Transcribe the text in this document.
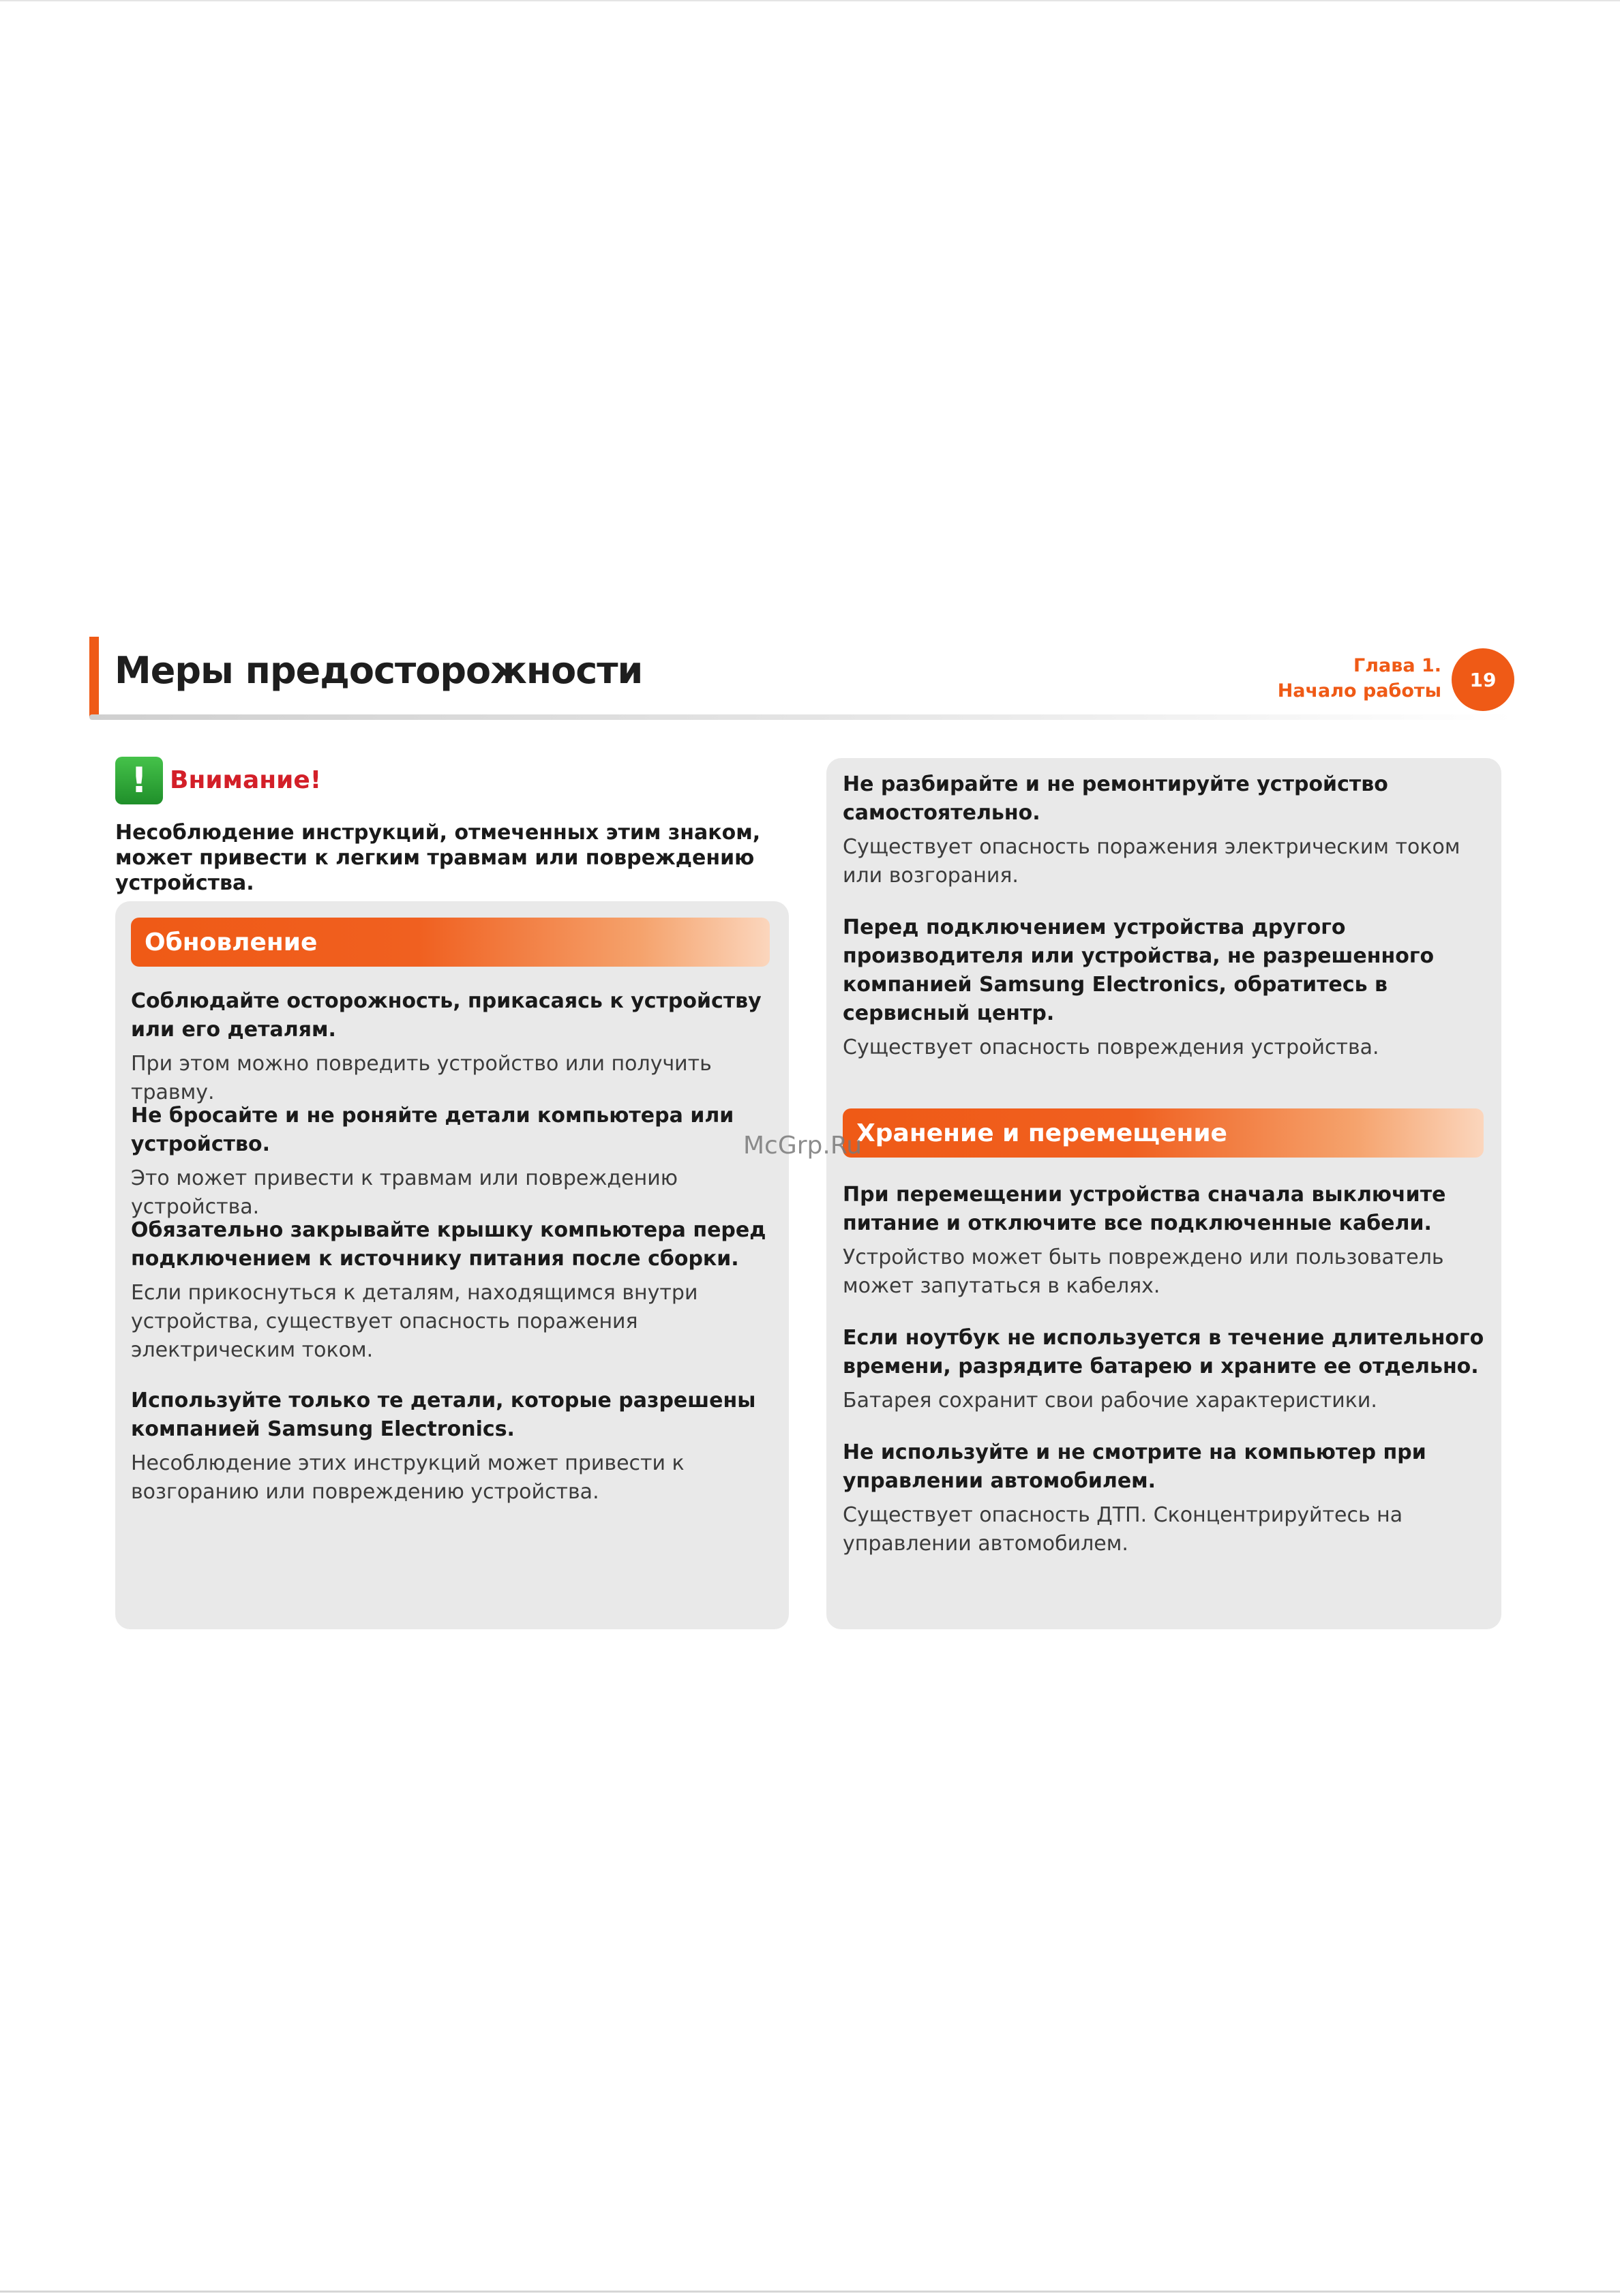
Меры предосторожности	Глава 1.
Начало работы	19
! Внимание!

Несоблюдение инструкций, отмеченных этим знаком, может привести к легким травмам или повреждению устройства.

Обновление

Соблюдайте осторожность, прикасаясь к устройству или его деталям.

При этом можно повредить устройство или получить травму.

Не бросайте и не роняйте детали компьютера или устройство.

Это может привести к травмам или повреждению устройства.

Обязательно закрывайте крышку компьютера перед подключением к источнику питания после сборки.

Если прикоснуться к деталям, находящимся внутри устройства, существует опасность поражения электрическим током.

Используйте только те детали, которые разрешены компанией Samsung Electronics.

Несоблюдение этих инструкций может привести к возгоранию или повреждению устройства.

Не разбирайте и не ремонтируйте устройство самостоятельно.

Существует опасность поражения электрическим током или возгорания.

Перед подключением устройства другого производителя или устройства, не разрешенного компанией Samsung Electronics, обратитесь в сервисный центр.

Существует опасность повреждения устройства.

Хранение и перемещение

При перемещении устройства сначала выключите питание и отключите все подключенные кабели.

Устройство может быть повреждено или пользователь может запутаться в кабелях.

Если ноутбук не используется в течение длительного времени, разрядите батарею и храните ее отдельно.

Батарея сохранит свои рабочие характеристики.

Не используйте и не смотрите на компьютер при управлении автомобилем.

Существует опасность ДТП. Сконцентрируйтесь на управлении автомобилем.

McGrp.Ru
